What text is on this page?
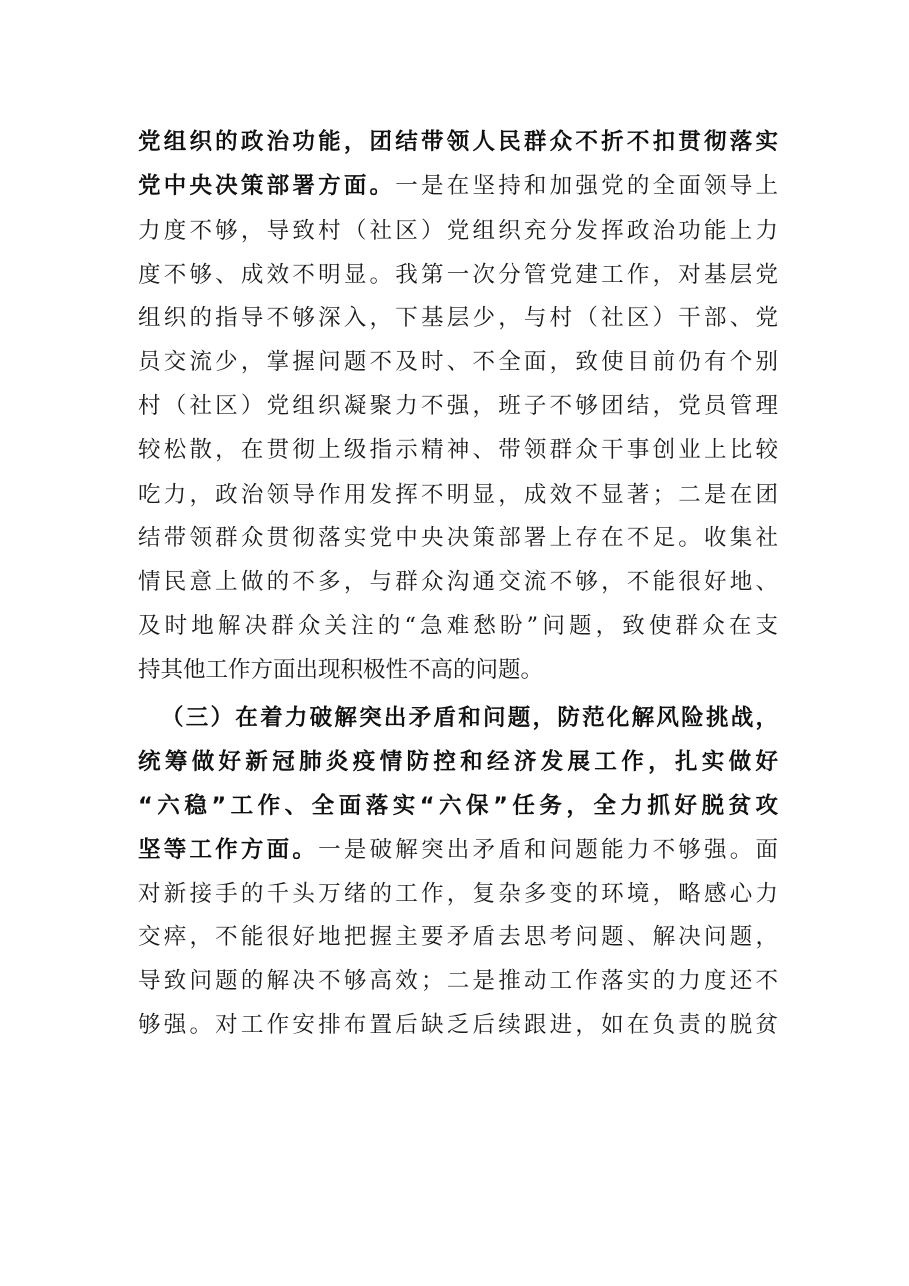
党组织的政治功能，团结带领人民群众不折不扣贯彻落实
党中央决策部署方面。一是在坚持和加强党的全面领导上
力度不够，导致村（社区）党组织充分发挥政治功能上力
度不够、成效不明显。我第一次分管党建工作，对基层党
组织的指导不够深入，下基层少，与村（社区）干部、党
员交流少，掌握问题不及时、不全面，致使目前仍有个别
村（社区）党组织凝聚力不强，班子不够团结，党员管理
较松散，在贯彻上级指示精神、带领群众干事创业上比较
吃力，政治领导作用发挥不明显，成效不显著；二是在团
结带领群众贯彻落实党中央决策部署上存在不足。收集社
情民意上做的不多，与群众沟通交流不够，不能很好地、
及时地解决群众关注的“急难愁盼”问题，致使群众在支
持其他工作方面出现积极性不高的问题。
（三）在着力破解突出矛盾和问题，防范化解风险挑战，
统筹做好新冠肺炎疫情防控和经济发展工作，扎实做好
“六稳”工作、全面落实“六保”任务，全力抓好脱贫攻
坚等工作方面。一是破解突出矛盾和问题能力不够强。面
对新接手的千头万绪的工作，复杂多变的环境，略感心力
交瘁，不能很好地把握主要矛盾去思考问题、解决问题，
导致问题的解决不够高效；二是推动工作落实的力度还不
够强。对工作安排布置后缺乏后续跟进，如在负责的脱贫
